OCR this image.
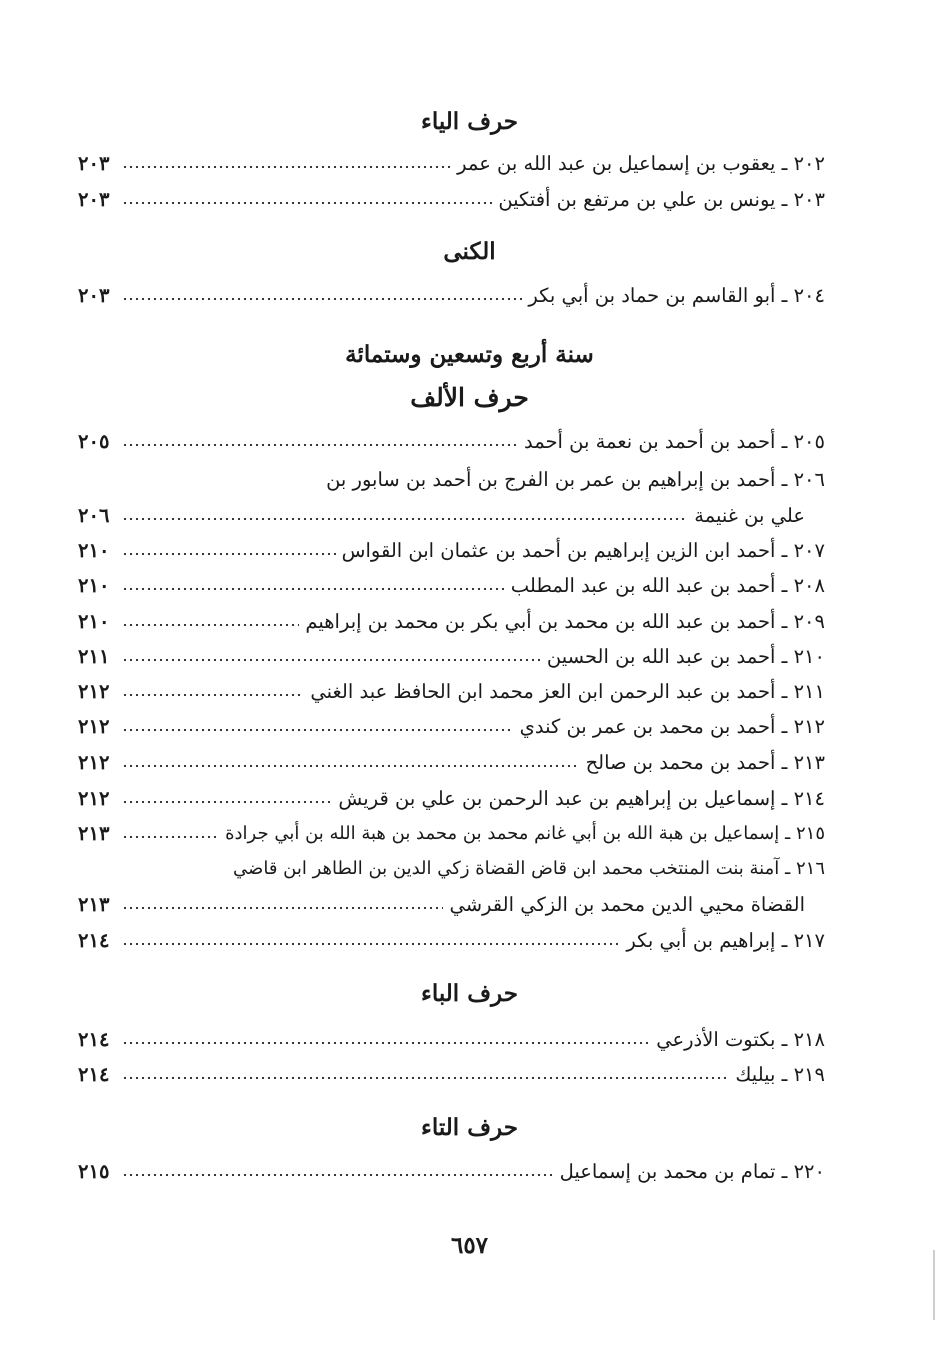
حرف الياء
٢٠٢ ـ يعقوب بن إسماعيل بن عبد الله بن عمر
٢٠٣
٢٠٣ ـ يونس بن علي بن مرتفع بن أفتكين
٢٠٣
الكنى
٢٠٤ ـ أبو القاسم بن حماد بن أبي بكر
٢٠٣
سنة أربع وتسعين وستمائة
حرف الألف
٢٠٥ ـ أحمد بن أحمد بن نعمة بن أحمد
٢٠٥
٢٠٦ ـ أحمد بن إبراهيم بن عمر بن الفرج بن أحمد بن سابور بن
علي بن غنيمة
٢٠٦
٢٠٧ ـ أحمد ابن الزين إبراهيم بن أحمد بن عثمان ابن القواس
٢١٠
٢٠٨ ـ أحمد بن عبد الله بن عبد المطلب
٢١٠
٢٠٩ ـ أحمد بن عبد الله بن محمد بن أبي بكر بن محمد بن إبراهيم
٢١٠
٢١٠ ـ أحمد بن عبد الله بن الحسين
٢١١
٢١١ ـ أحمد بن عبد الرحمن ابن العز محمد ابن الحافظ عبد الغني
٢١٢
٢١٢ ـ أحمد بن محمد بن عمر بن كندي
٢١٢
٢١٣ ـ أحمد بن محمد بن صالح
٢١٢
٢١٤ ـ إسماعيل بن إبراهيم بن عبد الرحمن بن علي بن قريش
٢١٢
٢١٥ ـ إسماعيل بن هبة الله بن أبي غانم محمد بن محمد بن هبة الله بن أبي جرادة
٢١٣
٢١٦ ـ آمنة بنت المنتخب محمد ابن قاض القضاة زكي الدين بن الطاهر ابن قاضي
القضاة محيي الدين محمد بن الزكي القرشي
٢١٣
٢١٧ ـ إبراهيم بن أبي بكر
٢١٤
حرف الباء
٢١٨ ـ بكتوت الأذرعي
٢١٤
٢١٩ ـ بيليك
٢١٤
حرف التاء
٢٢٠ ـ تمام بن محمد بن إسماعيل
٢١٥
٦٥٧
